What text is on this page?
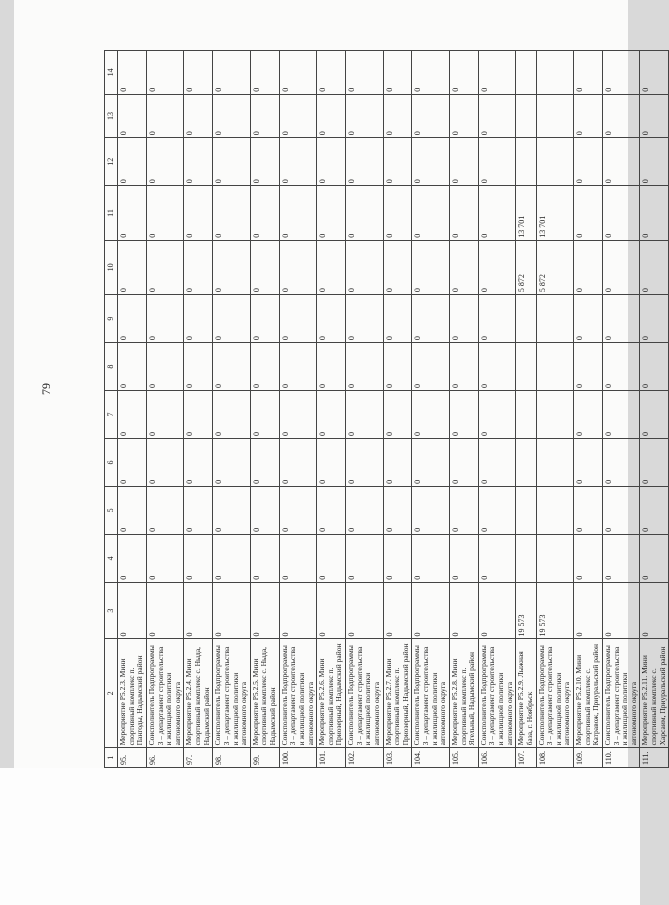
79
1	2	3	4	5	6	7	8	9	10	11	12	13	14
95.	Мероприятие Р5.2.3. Мини спортивный комплекс п. Пангоды, Надымский район	0	0	0	0	0	0	0	0	0	0	0	0
96.	Соисполнитель Подпрограммы 3 – департамент строительства и жилищной политики автономного округа	0	0	0	0	0	0	0	0	0	0	0	0
97.	Мероприятие Р5.2.4. Мини спортивный комплекс с. Ныда, Надымский район	0	0	0	0	0	0	0	0	0	0	0	0
98.	Соисполнитель Подпрограммы 3 – департамент строительства и жилищной политики автономного округа	0	0	0	0	0	0	0	0	0	0	0	0
99.	Мероприятие Р5.2.5. Мини спортивный комплекс с. Ныда, Надымский район	0	0	0	0	0	0	0	0	0	0	0	0
100.	Соисполнитель Подпрограммы 3 – департамент строительства и жилищной политики автономного округа	0	0	0	0	0	0	0	0	0	0	0	0
101.	Мероприятие Р5.2.6. Мини спортивный комплекс п. Приозерный, Надымский район	0	0	0	0	0	0	0	0	0	0	0	0
102.	Соисполнитель Подпрограммы 3 – департамент строительства и жилищной политики автономного округа	0	0	0	0	0	0	0	0	0	0	0	0
103.	Мероприятие Р5.2.7. Мини спортивный комплекс п. Приозерный, Надымский район	0	0	0	0	0	0	0	0	0	0	0	0
104.	Соисполнитель Подпрограммы 3 – департамент строительства и жилищной политики автономного округа	0	0	0	0	0	0	0	0	0	0	0	0
105.	Мероприятие Р5.2.8. Мини спортивный комплекс п. Ягельный, Надымский район	0	0	0	0	0	0	0	0	0	0	0	0
106.	Соисполнитель Подпрограммы 3 – департамент строительства и жилищной политики автономного округа	0	0	0	0	0	0	0	0	0	0	0	0
107.	Мероприятие Р5.2.9. Лыжная база, г. Ноябрьск	19 573							5 872	13 701			
108.	Соисполнитель Подпрограммы 3 – департамент строительства и жилищной политики автономного округа	19 573							5 872	13 701			
109.	Мероприятие Р5.2.10. Мини спортивный комплекс с. Катравож, Приуральский район	0	0	0	0	0	0	0	0	0	0	0	0
110.	Соисполнитель Подпрограммы 3 – департамент строительства и жилищной политики автономного округа	0	0	0	0	0	0	0	0	0	0	0	0
111.	Мероприятие Р5.2.11. Мини спортивный комплекс с. Харсаим, Приуральский район	0	0	0	0	0	0	0	0	0	0	0	0
